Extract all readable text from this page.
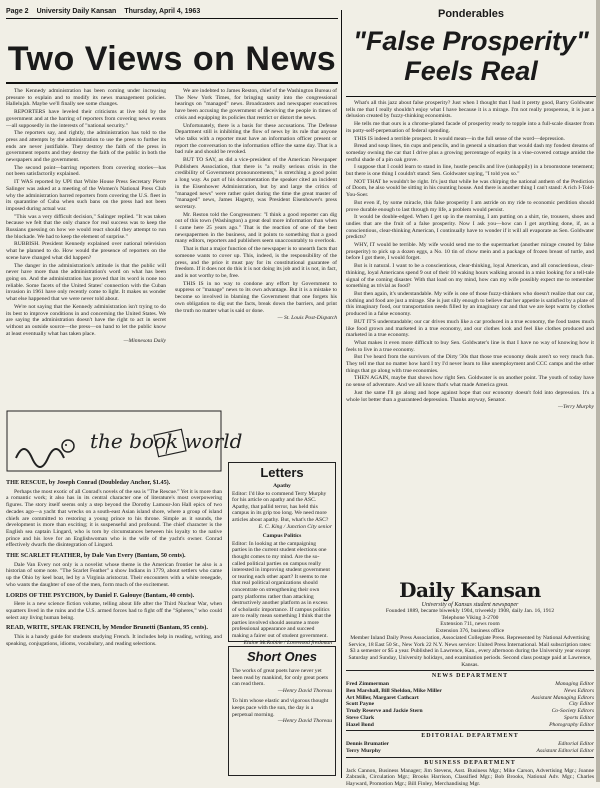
Page 2 University Daily Kansan Thursday, April 4, 1963
Two Views on News

The Kennedy administration has been coming under increasing pressure to explain and to modify its news management policies. Hallelujah. Maybe we'll finally see some changes.

REPORTERS have leveled their criticisms at live told by the government and at the barring of reporters from covering news events—all supposedly in the interests of "national security."

The reporters say, and rightly, the administration has told to the press and attempts by the administration to use the press to further its ends are never justifiable. They destroy the faith of the press in government reports and they destroy the faith of the public in both the newspapers and the government.

The second point—barring reporters from covering stories—has not been satisfactorily explained.

IT WAS reported by UPI that White House Press Secretary Pierre Salinger was asked at a meeting of the Women's National Press Club why the administration barred reporters from covering the U.S. fleet in its quarantine of Cuba when such bans on the press had not been imposed during actual war.

"This was a very difficult decision," Salinger replied. "It was taken because we felt that the only chance for real success was to keep the Russians guessing on how we would react should they attempt to run the blockade. We had to keep the element of surprise."

RUBBISH. President Kennedy explained over national television what he planned to do. How would the presence of reporters on the scene have changed what did happen?

The danger in the administration's attitude is that the public will never have more than the administration's word on what has been going on. And the administration has proved that its word is none too reliable. Some facets of the United States' connection with the Cuban invasion in 1961 have only recently come to light. It makes us wonder what else happened that we were never told about.

We're not saying that the Kennedy administration isn't trying to do its best to improve conditions in and concerning the United States. We are saying the administration doesn't have the right to act in secret without an outside source—the press—on hand to let the public know at least eventually what has taken place.

—Minnesota Daily

We are indebted to James Reston, chief of the Washington Bureau of The New York Times, for bringing sanity into the congressional hearings on "managed" news. Broadcasters and newspaper executives have been accusing the government of deceiving the people in times of crisis and equipping its policies that restrict or distort the news.

Unfortunately, there is a basis for these accusations. The Defense Department still is inhibiting the flow of news by its rule that anyone who talks with a reporter must have an information officer present or report the conversation to the information office the same day. That is a bad rule and should be revoked.

BUT TO SAY, as did a vice-president of the American Newspaper Publishers Association, that there is "a really serious crisis in the credibility of Government pronouncements," is stretching a good point a long way. As part of his documentation the speaker cited an incident in the Eisenhower Administration, but by and large the critics of "managed news" were rather quiet during the time the great master of "managed" news, James Hagerty, was President Eisenhower's press secretary.

Mr. Reston told the Congressmen: "I think a good reporter can dig out of this town (Washington) a great deal more information than when I came here 25 years ago." That is the reaction of one of the best newspapermen in the business, and it points to something that a good many editors, reporters and publishers seem unaccountably to overlook.

That is that a major function of the newspaper is to unearth facts that someone wants to cover up. This, indeed, is the responsibility of the press, and the price it must pay for its constitutional guarantee of freedom. If it does not do this it is not doing its job and it is not, in fact, and is not worthy to be, free.

THIS IS in no way to condone any effort by Government to suppress or "manage" news to its own advantage. But it is a mistake to become so involved in blaming the Government that one forgets his own obligation to dig out the facts, break down the barriers, and print the truth no matter what is said or done.

— St. Louis Post-Dispatch
the book world
THE RESCUE, by Joseph Conrad (Doubleday Anchor, $1.45).

Perhaps the most exotic of all Conrad's novels of the sea is "The Rescue." Yet it is more than a romantic work; it also has in its central character one of literature's most overpowering figures. The story itself seems only a step beyond the Dorothy Lamour-Jon Hall epics of two decades ago—a yacht that wrecks on a south-east Asian island shore, where a group of island chiefs are committed to restoring a young prince to his throne. Simple as it sounds, the development is more than exciting; it is suspenseful and profound. The chief character is the English sea captain Lingard, who is torn by circumstances between his loyalty to the native prince and his love for an Englishwoman who is the wife of the yacht's owner. Conrad effectively dwarfs the disintegration of Lingard.

THE SCARLET FEATHER, by Dale Van Every (Bantam, 50 cents).

Dale Van Every not only is a novelist whose theme is the American frontier he also is a historian of some note. "The Scarlet Feather" a show Indians in 1779, about settlers who came up the Ohio by keel boat, led by a Virginia aristocrat. Their encounters with a white renegade, who wants the daughter of one of the men, form much of the excitement.

LORDS OF THE PSYCHON, by Daniel F. Galouye (Bantam, 40 cents).

Here is a new science fiction volume, telling about life after the Third Nuclear War, when squatters lived in the ruins and the U.S. armed forces had to fight off the "Spheres," who could select any living human being.

READ, WRITE, SPEAK FRENCH, by Mendor Brunetti (Bantam, 95 cents).

This is a handy guide for students studying French. It includes help in reading, writing, and speaking, conjugations, idioms, vocabulary, and reading selections.

Letters
Apathy
Editor: I'd like to commend Terry Murphy for his article on apathy and the ASC. Apathy, that pallid terror, has held this campus in its grip too long. We need more articles about apathy. But, what's the ASC?
E. C. King / Junction City senior
Campus Politics
Editor: In looking at the campaigning parties in the current student elections one thought comes to my mind. Are the so-called political parties on campus really interested in improving student government or tearing each other apart? It seems to me that real political organizations should concentrate on strengthening their own party platforms rather than attacking destructively another platform as in excess of scholastic importance. If campus politics are to really mean something I think that the parties involved should assume a more professional appearance and succeed making a fairer out of student government.
Elaine McRobbie / Lovewood freshman
Short Ones
The works of great poets have never yet been read by mankind, for only great poets can read them.
—Henry David Thoreau
To him whose elastic and vigorous thought keeps pace with the sun, the day is a perpetual morning.
—Henry David Thoreau
Ponderables
"False Prosperity"
Feels Real

What's all this jazz about false prosperity? Just when I thought that I had it pretty good, Barry Goldwater tells me that I really shouldn't enjoy what I have because it is a mirage. I'm not really prosperous, it is just a delusion created by fuzzy-thinking economists.

He tells me that ours is a chrome-plated facade of prosperity ready to topple into a full-scale disaster from its potty-self-perpetuation of federal spending.

THIS IS indeed a terrible prospect. It would mean—in the full sense of the word—depression.

Bread and soup lines, tin cups and pencils, and in general a situation that would dash my fondest dreams of someday owning the car that I drive plus a growing percentage of equity in a vine-covered cottage amidst the restful shade of a pin oak grove.

I suppose that I could learn to stand in line, hustle pencils and live (unhappily) in a broomstone tenement; but there is one thing I couldn't stand: Sen. Goldwater saying, "I told you so."

NOT THAT he wouldn't be right. It's just that while he was chirping the national anthem of the Prediction of Doom, he also would be sitting in his counting house. And there is another thing I can't stand: A rich I-Told-You-Soer.

But even if, by some miracle, this false prosperity I am astride on my ride to economic perdition should prove durable enough to last through my life, a problem would persist.

It would be double-edged. When I get up in the morning, I am putting on a shirt, tie, trousers, shoes and undies that are the fruit of a false prosperity. Now I ask you—how can I get anything done, if, as a conscientious, clear-thinking American, I continually have to wonder if it will all evaporate as Sen. Goldwater predicts?

WHY, IT would be terrible. My wife would send me to the supermarket (another mirage created by false prosperity) to pick up a dozen eggs, a No. 10 tin of chow mein and a package of frozen breast of turtle, and before I got there, I would forget.

But is it natural. I want to be a conscientious, clear-thinking, loyal American, and all conscientious, clear-thinking, loyal Americans spend 9 out of their 10 waking hours walking around in a mist looking for a tell-tale signal of the coming disaster. With that load on my mind, how can my wife possibly expect me to remember something as trivial as food?

But then again, it's understandable. My wife is one of those fuzzy-thinkers who doesn't realize that our car, clothing and food are just a mirage. She is just silly enough to believe that her appetite is satisfied by a plate of this imaginary food, our transportation needs filled by an imaginary car and that we are kept warm by clothes produced in a false economy.

BUT IT'S understandable; our car drives much like a car produced in a true economy, the food tastes much like food grown and marketed in a true economy, and our clothes look and feel like clothes produced and marketed in a true economy.

What makes it even more difficult to buy Sen. Goldwater's line is that I have no way of knowing how it feels to live in a true economy.

But I've heard from the survivors of the Dirty '30s that those true economy deals aren't so very much fun. They tell me that no matter how hard I try I'd never learn to like unemployment and CCC camps and the other things that go along with true economies.

THEN AGAIN, maybe that shows how right Sen. Goldwater is on another point. The youth of today have no sense of adventure. And we all know that's what made America great.

Just the same I'll go along and hope against hope that our economy doesn't fold into depression. It's a whole lot better than a guaranteed depression. Thanks anyway, Senator.

—Terry Murphy
Daily Kansan
University of Kansas student newspaper
Founded 1889, became biweekly 1904, triweekly 1908, daily Jan. 16, 1912
Telephone Viking 3-2700
Extension 711, news room
Extension 376, business office
Member Inland Daily Press Association, Associated Collegiate Press. Represented by National Advertising Service, 18 East 50 St., New York 22 N.Y. News service: United Press International. Mail subscription rates: $3 a semester or $5 a year. Published in Lawrence, Kan., every afternoon during the University year except Saturday and Sunday, University holidays, and examination periods. Second class postage paid at Lawrence, Kansas.
NEWS DEPARTMENT
Fred Zimmerman	Managing Editor
Ben Marshall, Bill Sheldon, Mike Miller	News Editors
Art Miller, Margaret Cathcart	Assistant Managing Editors
Scott Payne	City Editor
Trudy Reserve and Jackie Stern	Co-Society Editors
Steve Clark	Sports Editor
Hazel Bond	Photography Editor
EDITORIAL DEPARTMENT
Dennis Brumatier	Editorial Editor
Terry Murphy	Assistant Editorial Editor
BUSINESS DEPARTMENT
Jack Cannon, Business Manager; Jim Stevens, Asst. Business Mgr.; Mike Carson, Advertising Mgr.; Joanne Zabrasik, Circulation Mgr.; Brooks Harrison, Classified Mgr.; Bob Brooks, National Adv. Mgr.; Charles Hayward, Promotion Mgr.; Bill Finley, Merchandising Mgr.
